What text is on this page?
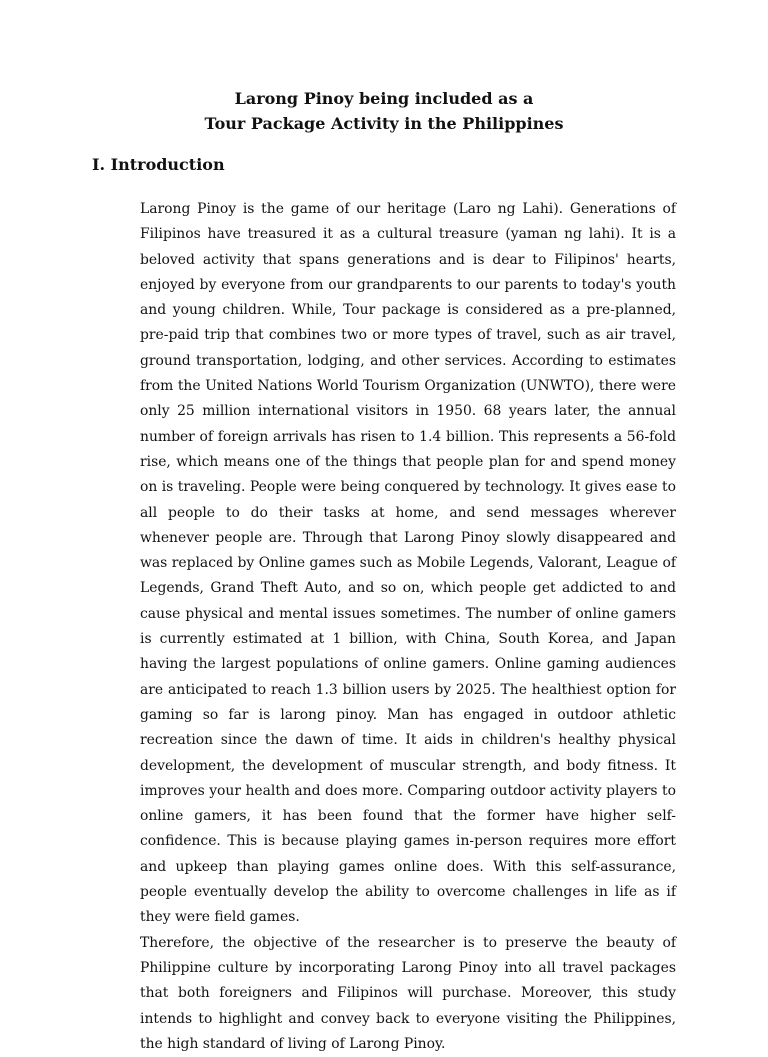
Larong Pinoy being included as a
Tour Package Activity in the Philippines
I. Introduction

Larong Pinoy is the game of our heritage (Laro ng Lahi). Generations of Filipinos have treasured it as a cultural treasure (yaman ng lahi). It is a beloved activity that spans generations and is dear to Filipinos' hearts, enjoyed by everyone from our grandparents to our parents to today's youth and young children. While, Tour package is considered as a pre-planned, pre-paid trip that combines two or more types of travel, such as air travel, ground transportation, lodging, and other services. According to estimates from the United Nations World Tourism Organization (UNWTO), there were only 25 million international visitors in 1950. 68 years later, the annual number of foreign arrivals has risen to 1.4 billion. This represents a 56-fold rise, which means one of the things that people plan for and spend money on is traveling. People were being conquered by technology. It gives ease to all people to do their tasks at home, and send messages wherever whenever people are. Through that Larong Pinoy slowly disappeared and was replaced by Online games such as Mobile Legends, Valorant, League of Legends, Grand Theft Auto, and so on, which people get addicted to and cause physical and mental issues sometimes. The number of online gamers is currently estimated at 1 billion, with China, South Korea, and Japan having the largest populations of online gamers. Online gaming audiences are anticipated to reach 1.3 billion users by 2025. The healthiest option for gaming so far is larong pinoy. Man has engaged in outdoor athletic recreation since the dawn of time. It aids in children's healthy physical development, the development of muscular strength, and body fitness. It improves your health and does more. Comparing outdoor activity players to online gamers, it has been found that the former have higher self-confidence. This is because playing games in-person requires more effort and upkeep than playing games online does. With this self-assurance, people eventually develop the ability to overcome challenges in life as if they were field games.

Therefore, the objective of the researcher is to preserve the beauty of Philippine culture by incorporating Larong Pinoy into all travel packages that both foreigners and Filipinos will purchase. Moreover, this study intends to highlight and convey back to everyone visiting the Philippines, the high standard of living of Larong Pinoy.
